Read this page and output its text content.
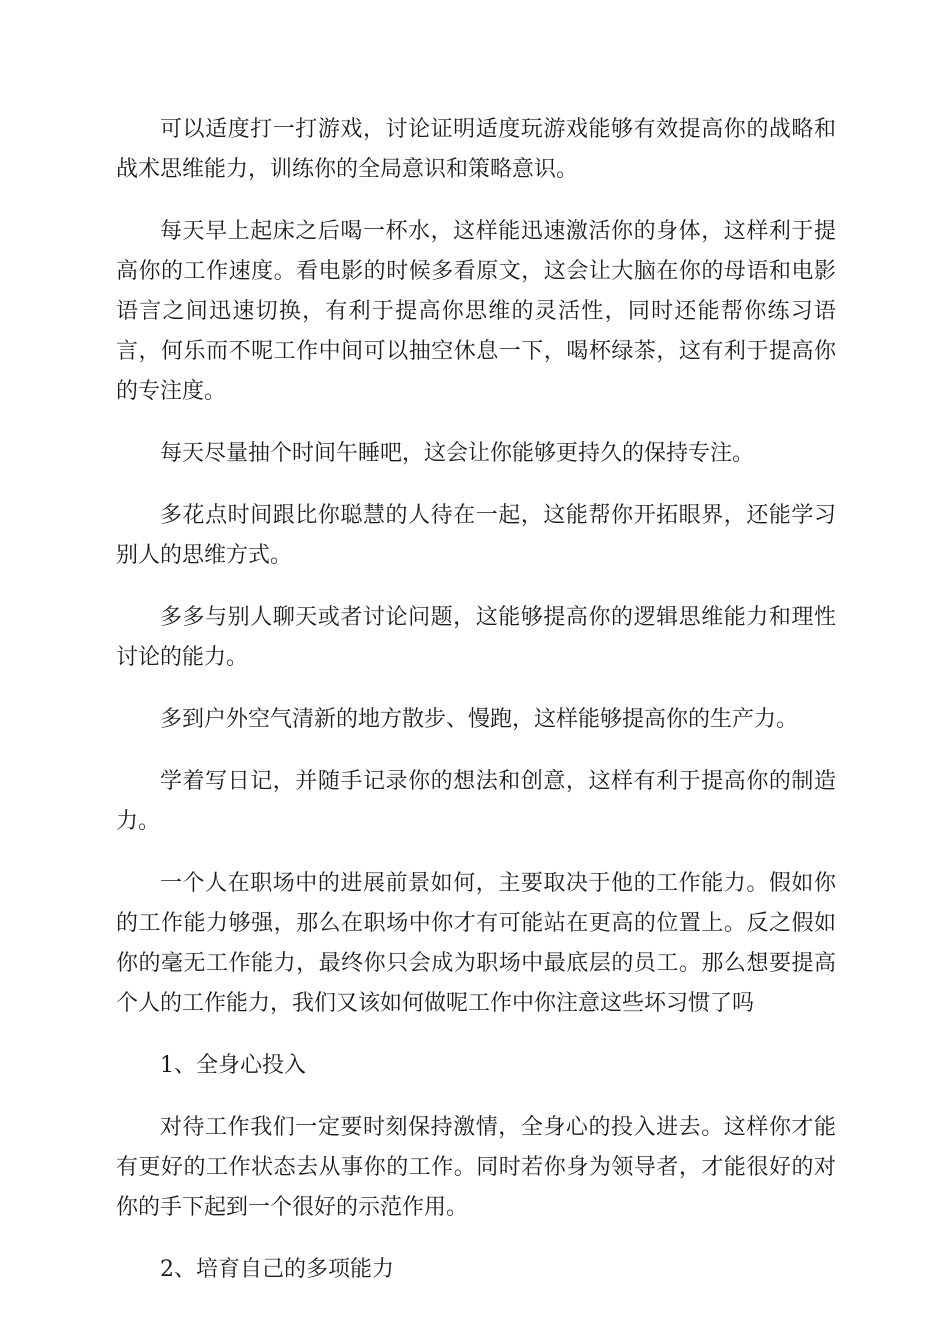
可以适度打一打游戏，讨论证明适度玩游戏能够有效提高你的战略和战术思维能力，训练你的全局意识和策略意识。

每天早上起床之后喝一杯水，这样能迅速激活你的身体，这样利于提高你的工作速度。看电影的时候多看原文，这会让大脑在你的母语和电影语言之间迅速切换，有利于提高你思维的灵活性，同时还能帮你练习语言，何乐而不呢工作中间可以抽空休息一下，喝杯绿茶，这有利于提高你的专注度。

每天尽量抽个时间午睡吧，这会让你能够更持久的保持专注。

多花点时间跟比你聪慧的人待在一起，这能帮你开拓眼界，还能学习别人的思维方式。

多多与别人聊天或者讨论问题，这能够提高你的逻辑思维能力和理性讨论的能力。

多到户外空气清新的地方散步、慢跑，这样能够提高你的生产力。

学着写日记，并随手记录你的想法和创意，这样有利于提高你的制造力。

一个人在职场中的进展前景如何，主要取决于他的工作能力。假如你的工作能力够强，那么在职场中你才有可能站在更高的位置上。反之假如你的毫无工作能力，最终你只会成为职场中最底层的员工。那么想要提高个人的工作能力，我们又该如何做呢工作中你注意这些坏习惯了吗

1、全身心投入

对待工作我们一定要时刻保持激情，全身心的投入进去。这样你才能有更好的工作状态去从事你的工作。同时若你身为领导者，才能很好的对你的手下起到一个很好的示范作用。

2、培育自己的多项能力
